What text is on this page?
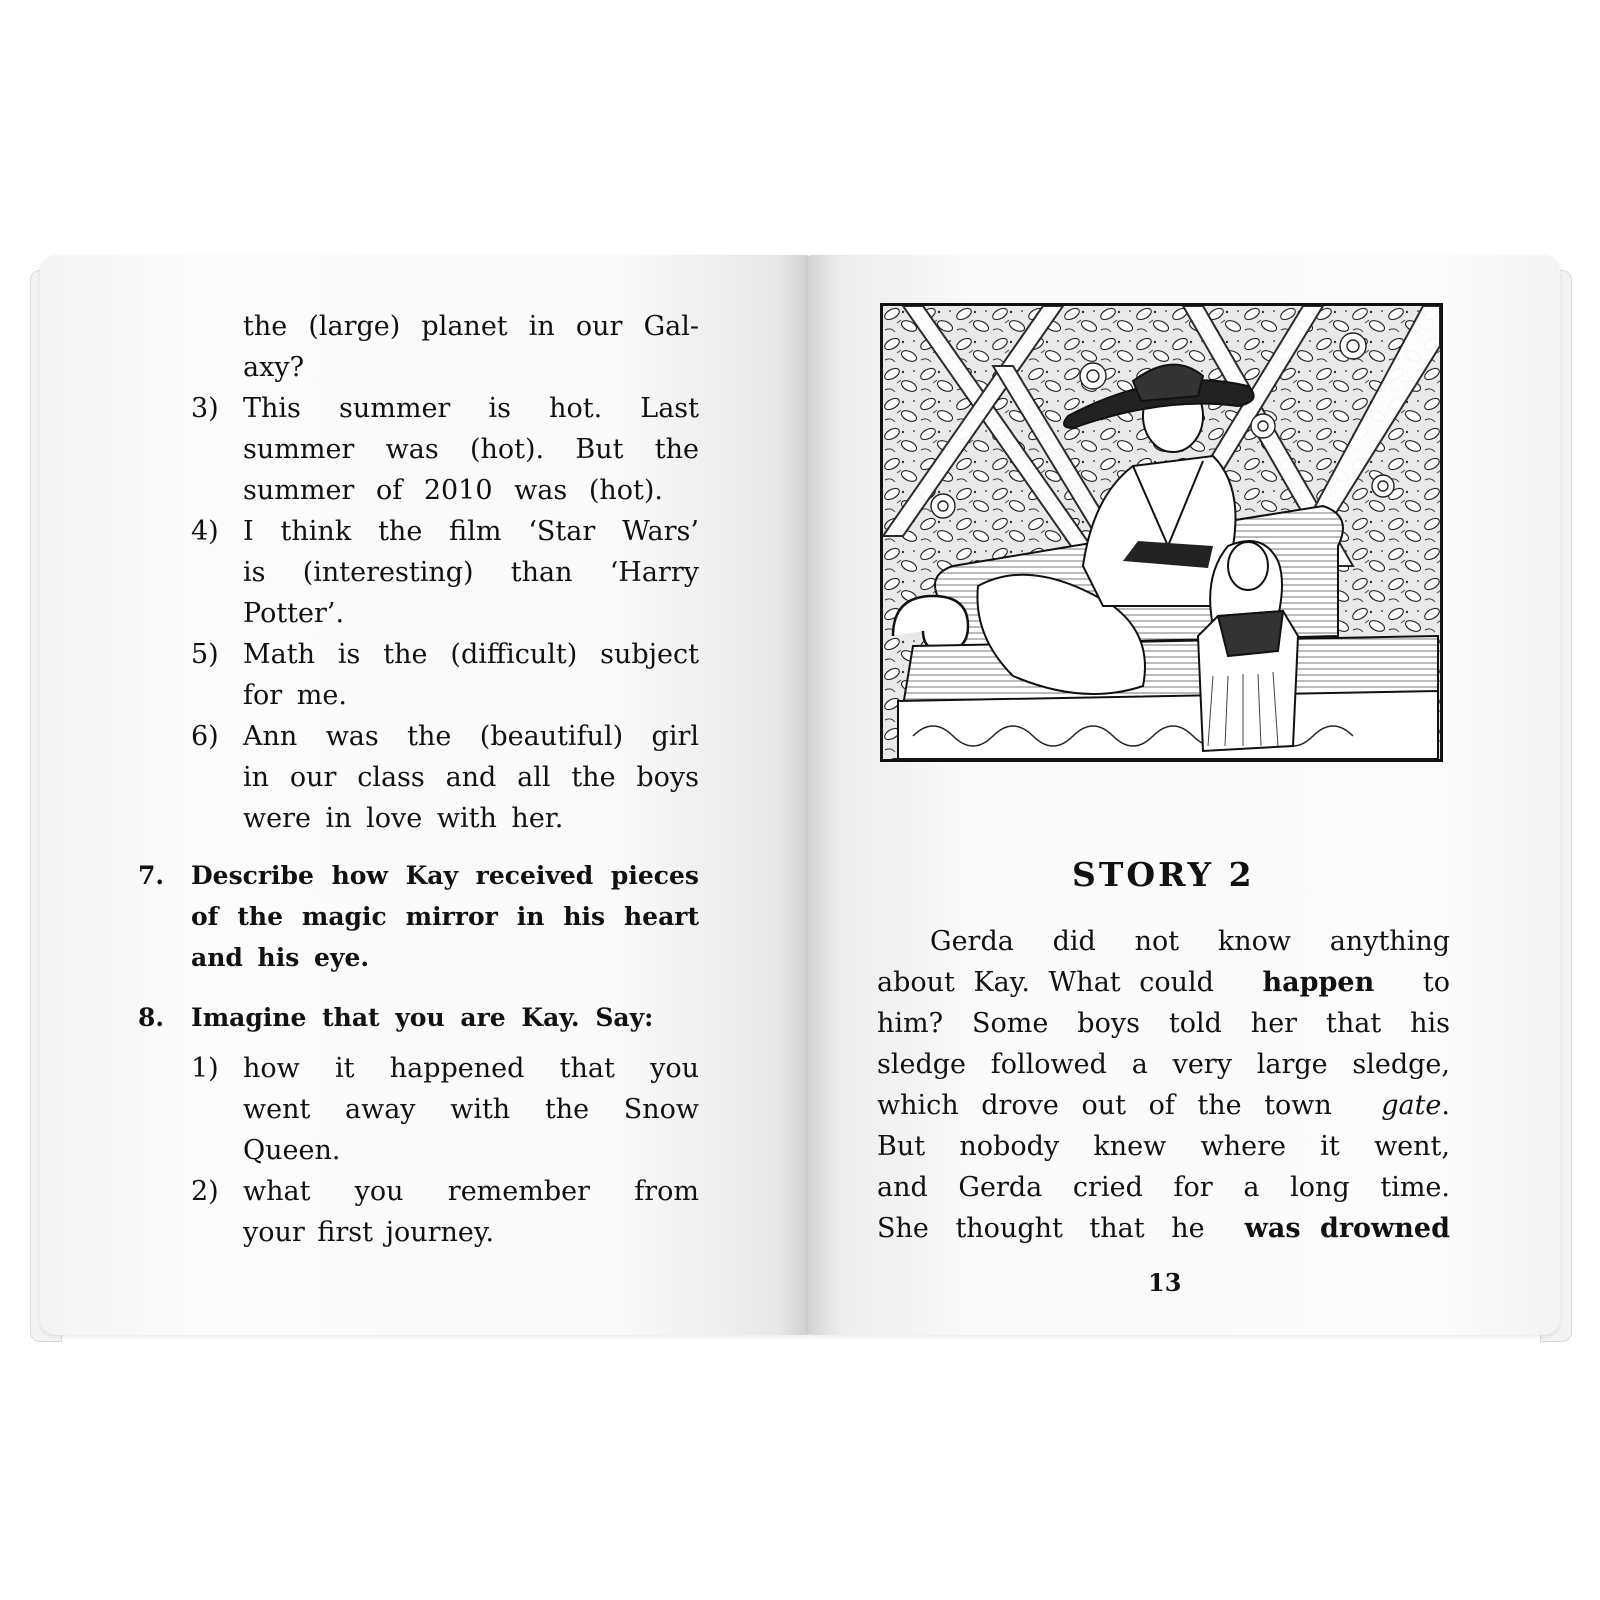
the (large) planet in our Gal-
axy?
3) This summer is hot. Last
summer was (hot). But the
summer of 2010 was (hot).
4) I think the film ‘Star Wars’
is (interesting) than ‘Harry
Potter’.
5) Math is the (difficult) subject
for me.
6) Ann was the (beautiful) girl
in our class and all the boys
were in love with her.
7. Describe how Kay received pieces
of the magic mirror in his heart
and his eye.
8. Imagine that you are Kay. Say:
1) how it happened that you
went away with the Snow
Queen.
2) what you remember from
your first journey.
STORY 2
Gerda did not know anything
about Kay. What could happen to
him? Some boys told her that his
sledge followed a very large sledge,
which drove out of the town gate.
But nobody knew where it went,
and Gerda cried for a long time.
She thought that he was drowned
13
